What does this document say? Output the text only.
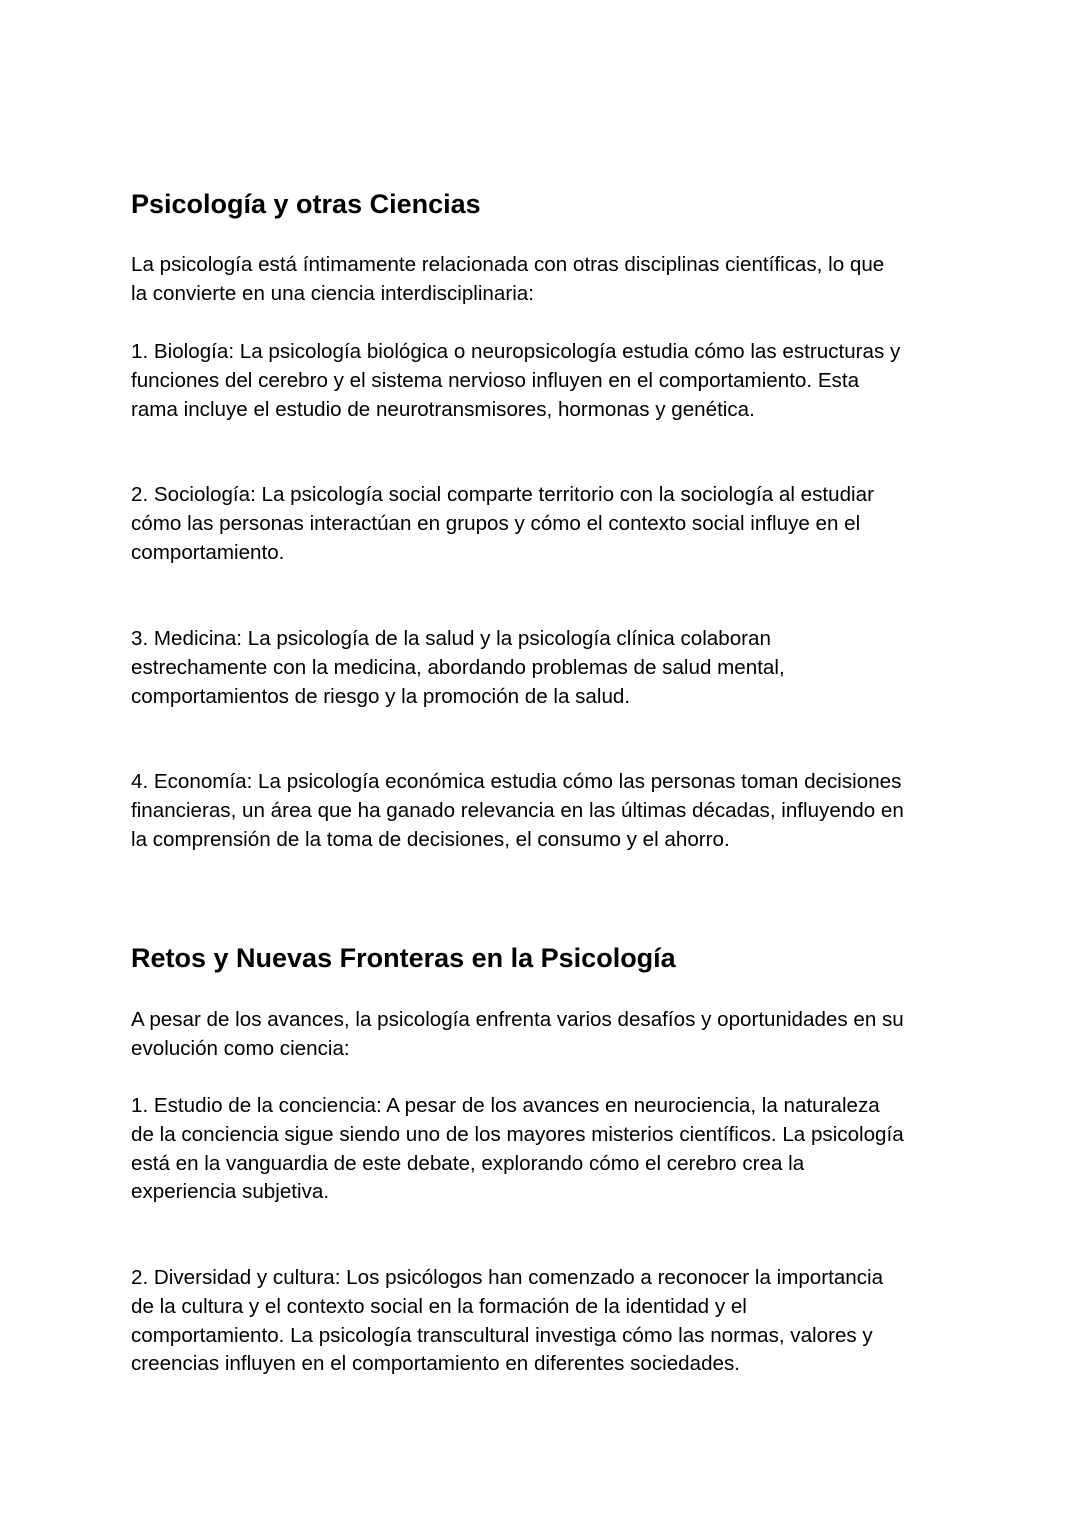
Psicología y otras Ciencias

La psicología está íntimamente relacionada con otras disciplinas científicas, lo que
la convierte en una ciencia interdisciplinaria:

1. Biología: La psicología biológica o neuropsicología estudia cómo las estructuras y
funciones del cerebro y el sistema nervioso influyen en el comportamiento. Esta
rama incluye el estudio de neurotransmisores, hormonas y genética.

2. Sociología: La psicología social comparte territorio con la sociología al estudiar
cómo las personas interactúan en grupos y cómo el contexto social influye en el
comportamiento.

3. Medicina: La psicología de la salud y la psicología clínica colaboran
estrechamente con la medicina, abordando problemas de salud mental,
comportamientos de riesgo y la promoción de la salud.

4. Economía: La psicología económica estudia cómo las personas toman decisiones
financieras, un área que ha ganado relevancia en las últimas décadas, influyendo en
la comprensión de la toma de decisiones, el consumo y el ahorro.

Retos y Nuevas Fronteras en la Psicología

A pesar de los avances, la psicología enfrenta varios desafíos y oportunidades en su
evolución como ciencia:

1. Estudio de la conciencia: A pesar de los avances en neurociencia, la naturaleza
de la conciencia sigue siendo uno de los mayores misterios científicos. La psicología
está en la vanguardia de este debate, explorando cómo el cerebro crea la
experiencia subjetiva.

2. Diversidad y cultura: Los psicólogos han comenzado a reconocer la importancia
de la cultura y el contexto social en la formación de la identidad y el
comportamiento. La psicología transcultural investiga cómo las normas, valores y
creencias influyen en el comportamiento en diferentes sociedades.
